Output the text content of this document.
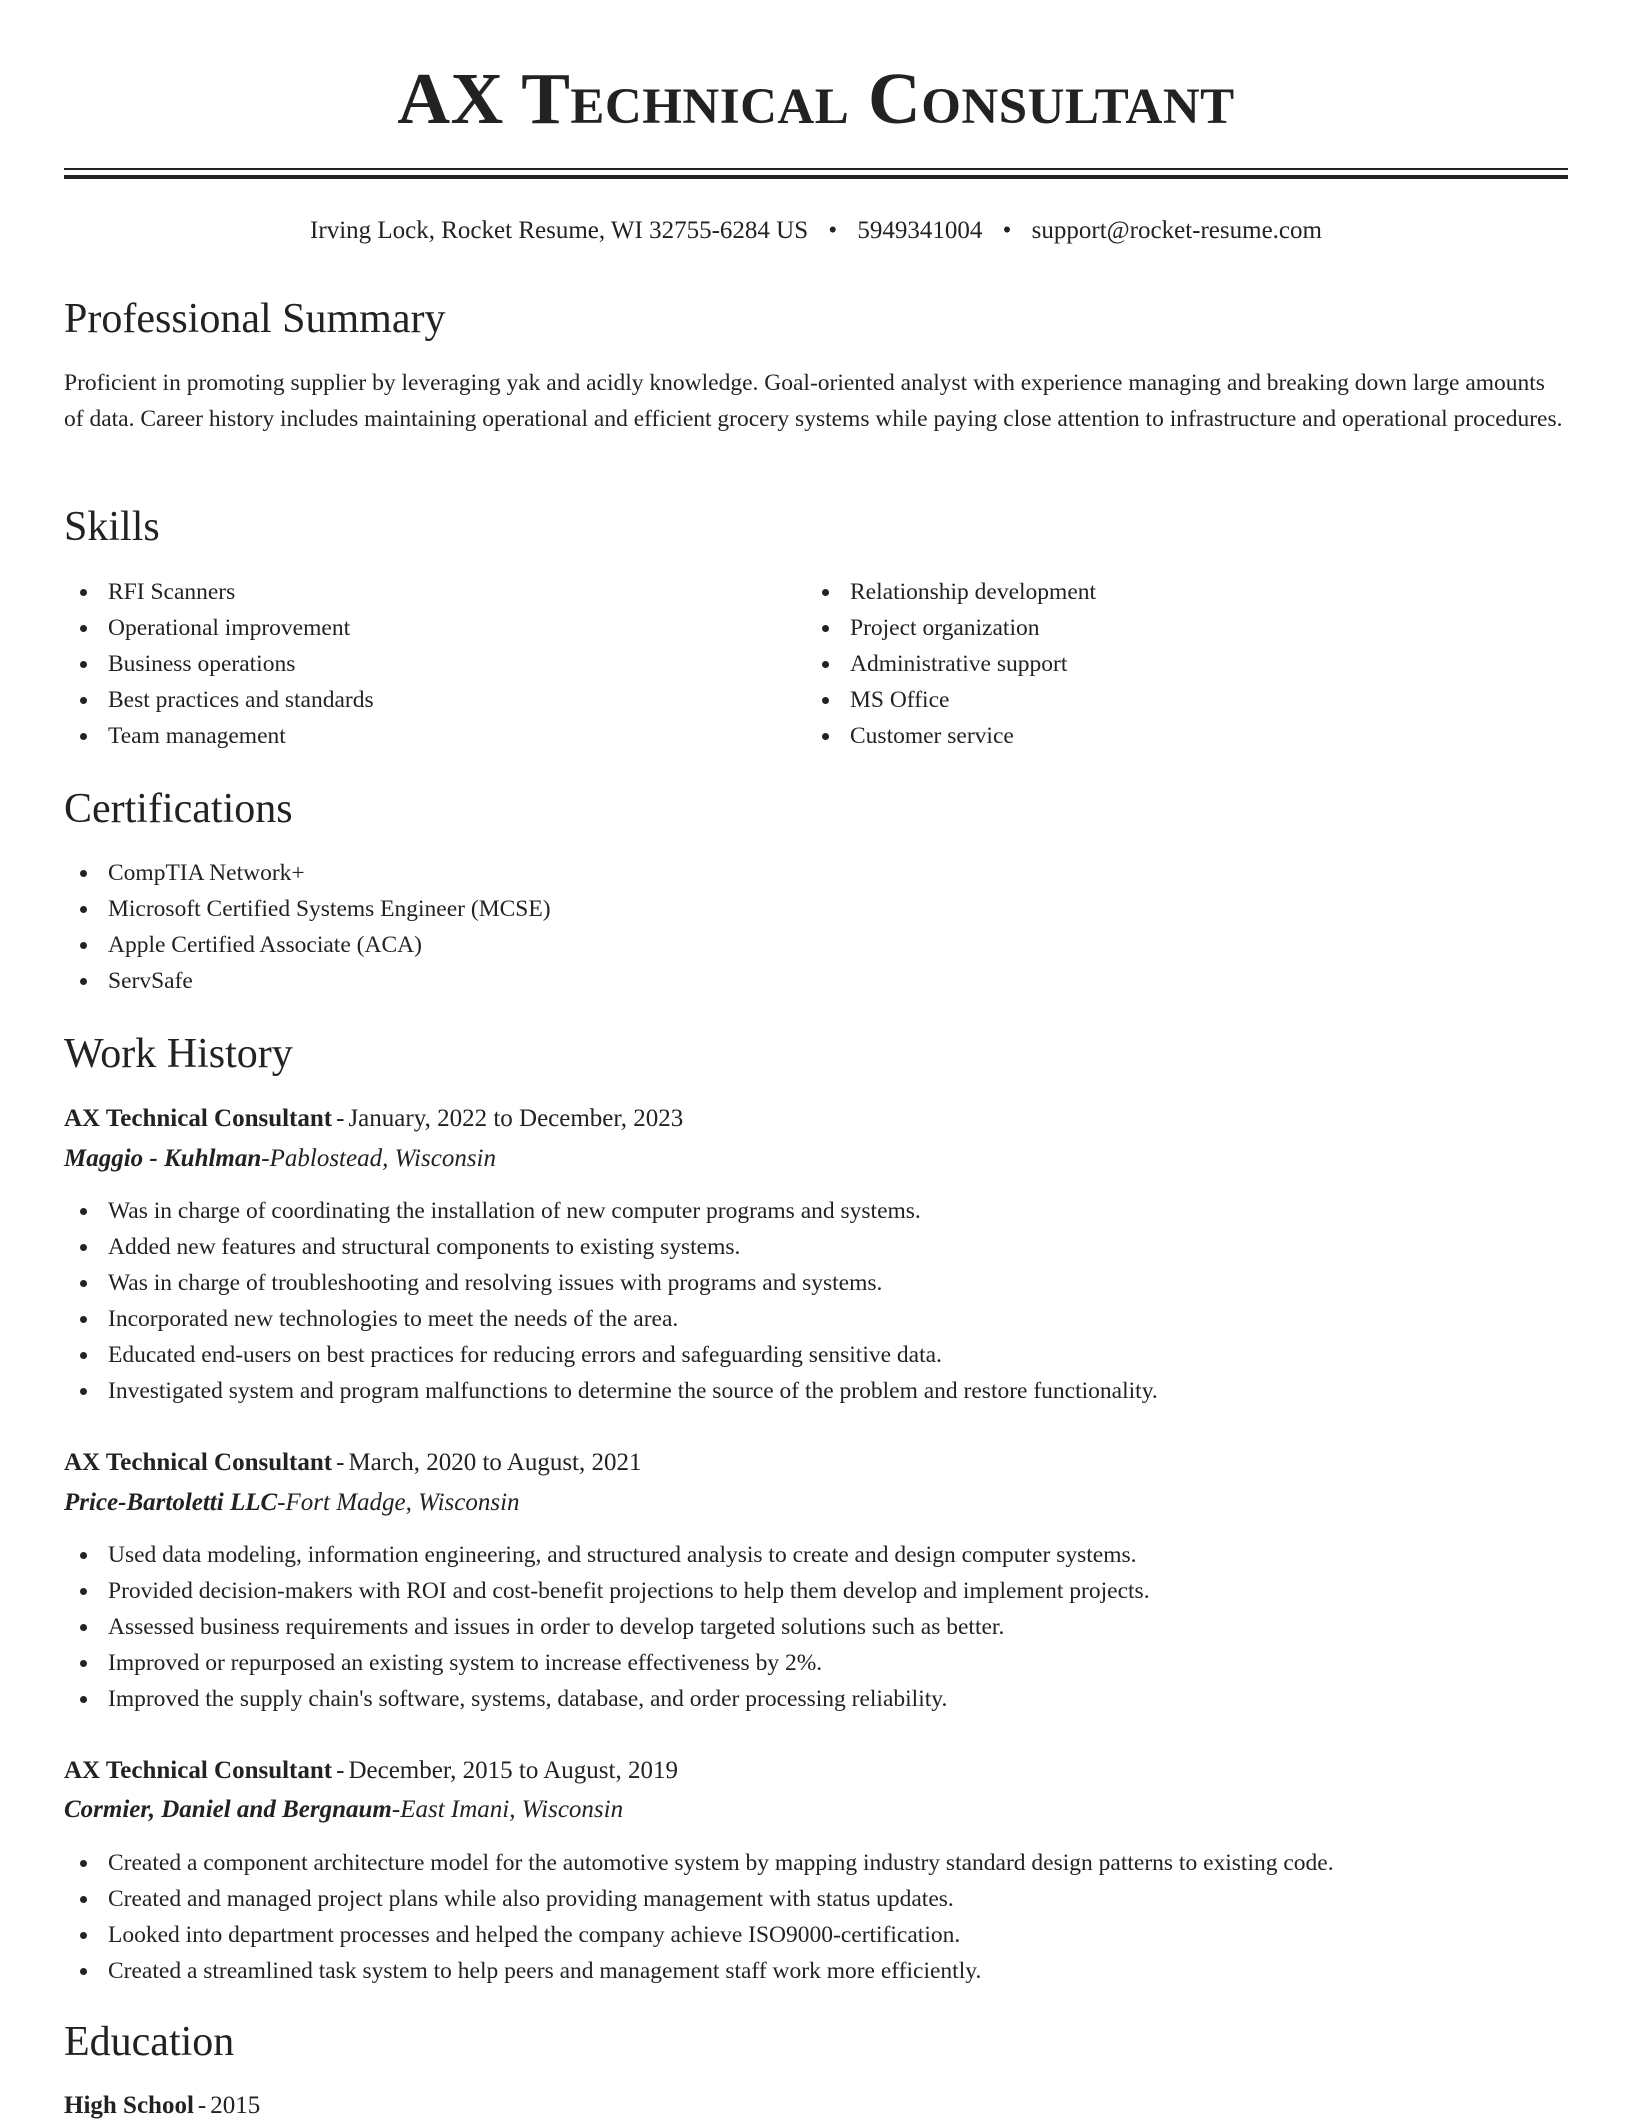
AX Technical Consultant
Irving Lock, Rocket Resume, WI 32755-6284 US • 5949341004 • support@rocket-resume.com
Professional Summary

Proficient in promoting supplier by leveraging yak and acidly knowledge. Goal-oriented analyst with experience managing and breaking down large amounts of data. Career history includes maintaining operational and efficient grocery systems while paying close attention to infrastructure and operational procedures.

Skills
RFI Scanners
Operational improvement
Business operations
Best practices and standards
Team management
Relationship development
Project organization
Administrative support
MS Office
Customer service
Certifications
CompTIA Network+
Microsoft Certified Systems Engineer (MCSE)
Apple Certified Associate (ACA)
ServSafe
Work History
AX Technical Consultant - January, 2022 to December, 2023
Maggio - Kuhlman-Pablostead, Wisconsin
Was in charge of coordinating the installation of new computer programs and systems.
Added new features and structural components to existing systems.
Was in charge of troubleshooting and resolving issues with programs and systems.
Incorporated new technologies to meet the needs of the area.
Educated end-users on best practices for reducing errors and safeguarding sensitive data.
Investigated system and program malfunctions to determine the source of the problem and restore functionality.
AX Technical Consultant - March, 2020 to August, 2021
Price-Bartoletti LLC-Fort Madge, Wisconsin
Used data modeling, information engineering, and structured analysis to create and design computer systems.
Provided decision-makers with ROI and cost-benefit projections to help them develop and implement projects.
Assessed business requirements and issues in order to develop targeted solutions such as better.
Improved or repurposed an existing system to increase effectiveness by 2%.
Improved the supply chain's software, systems, database, and order processing reliability.
AX Technical Consultant - December, 2015 to August, 2019
Cormier, Daniel and Bergnaum-East Imani, Wisconsin
Created a component architecture model for the automotive system by mapping industry standard design patterns to existing code.
Created and managed project plans while also providing management with status updates.
Looked into department processes and helped the company achieve ISO9000-certification.
Created a streamlined task system to help peers and management staff work more efficiently.
Education
High School - 2015
